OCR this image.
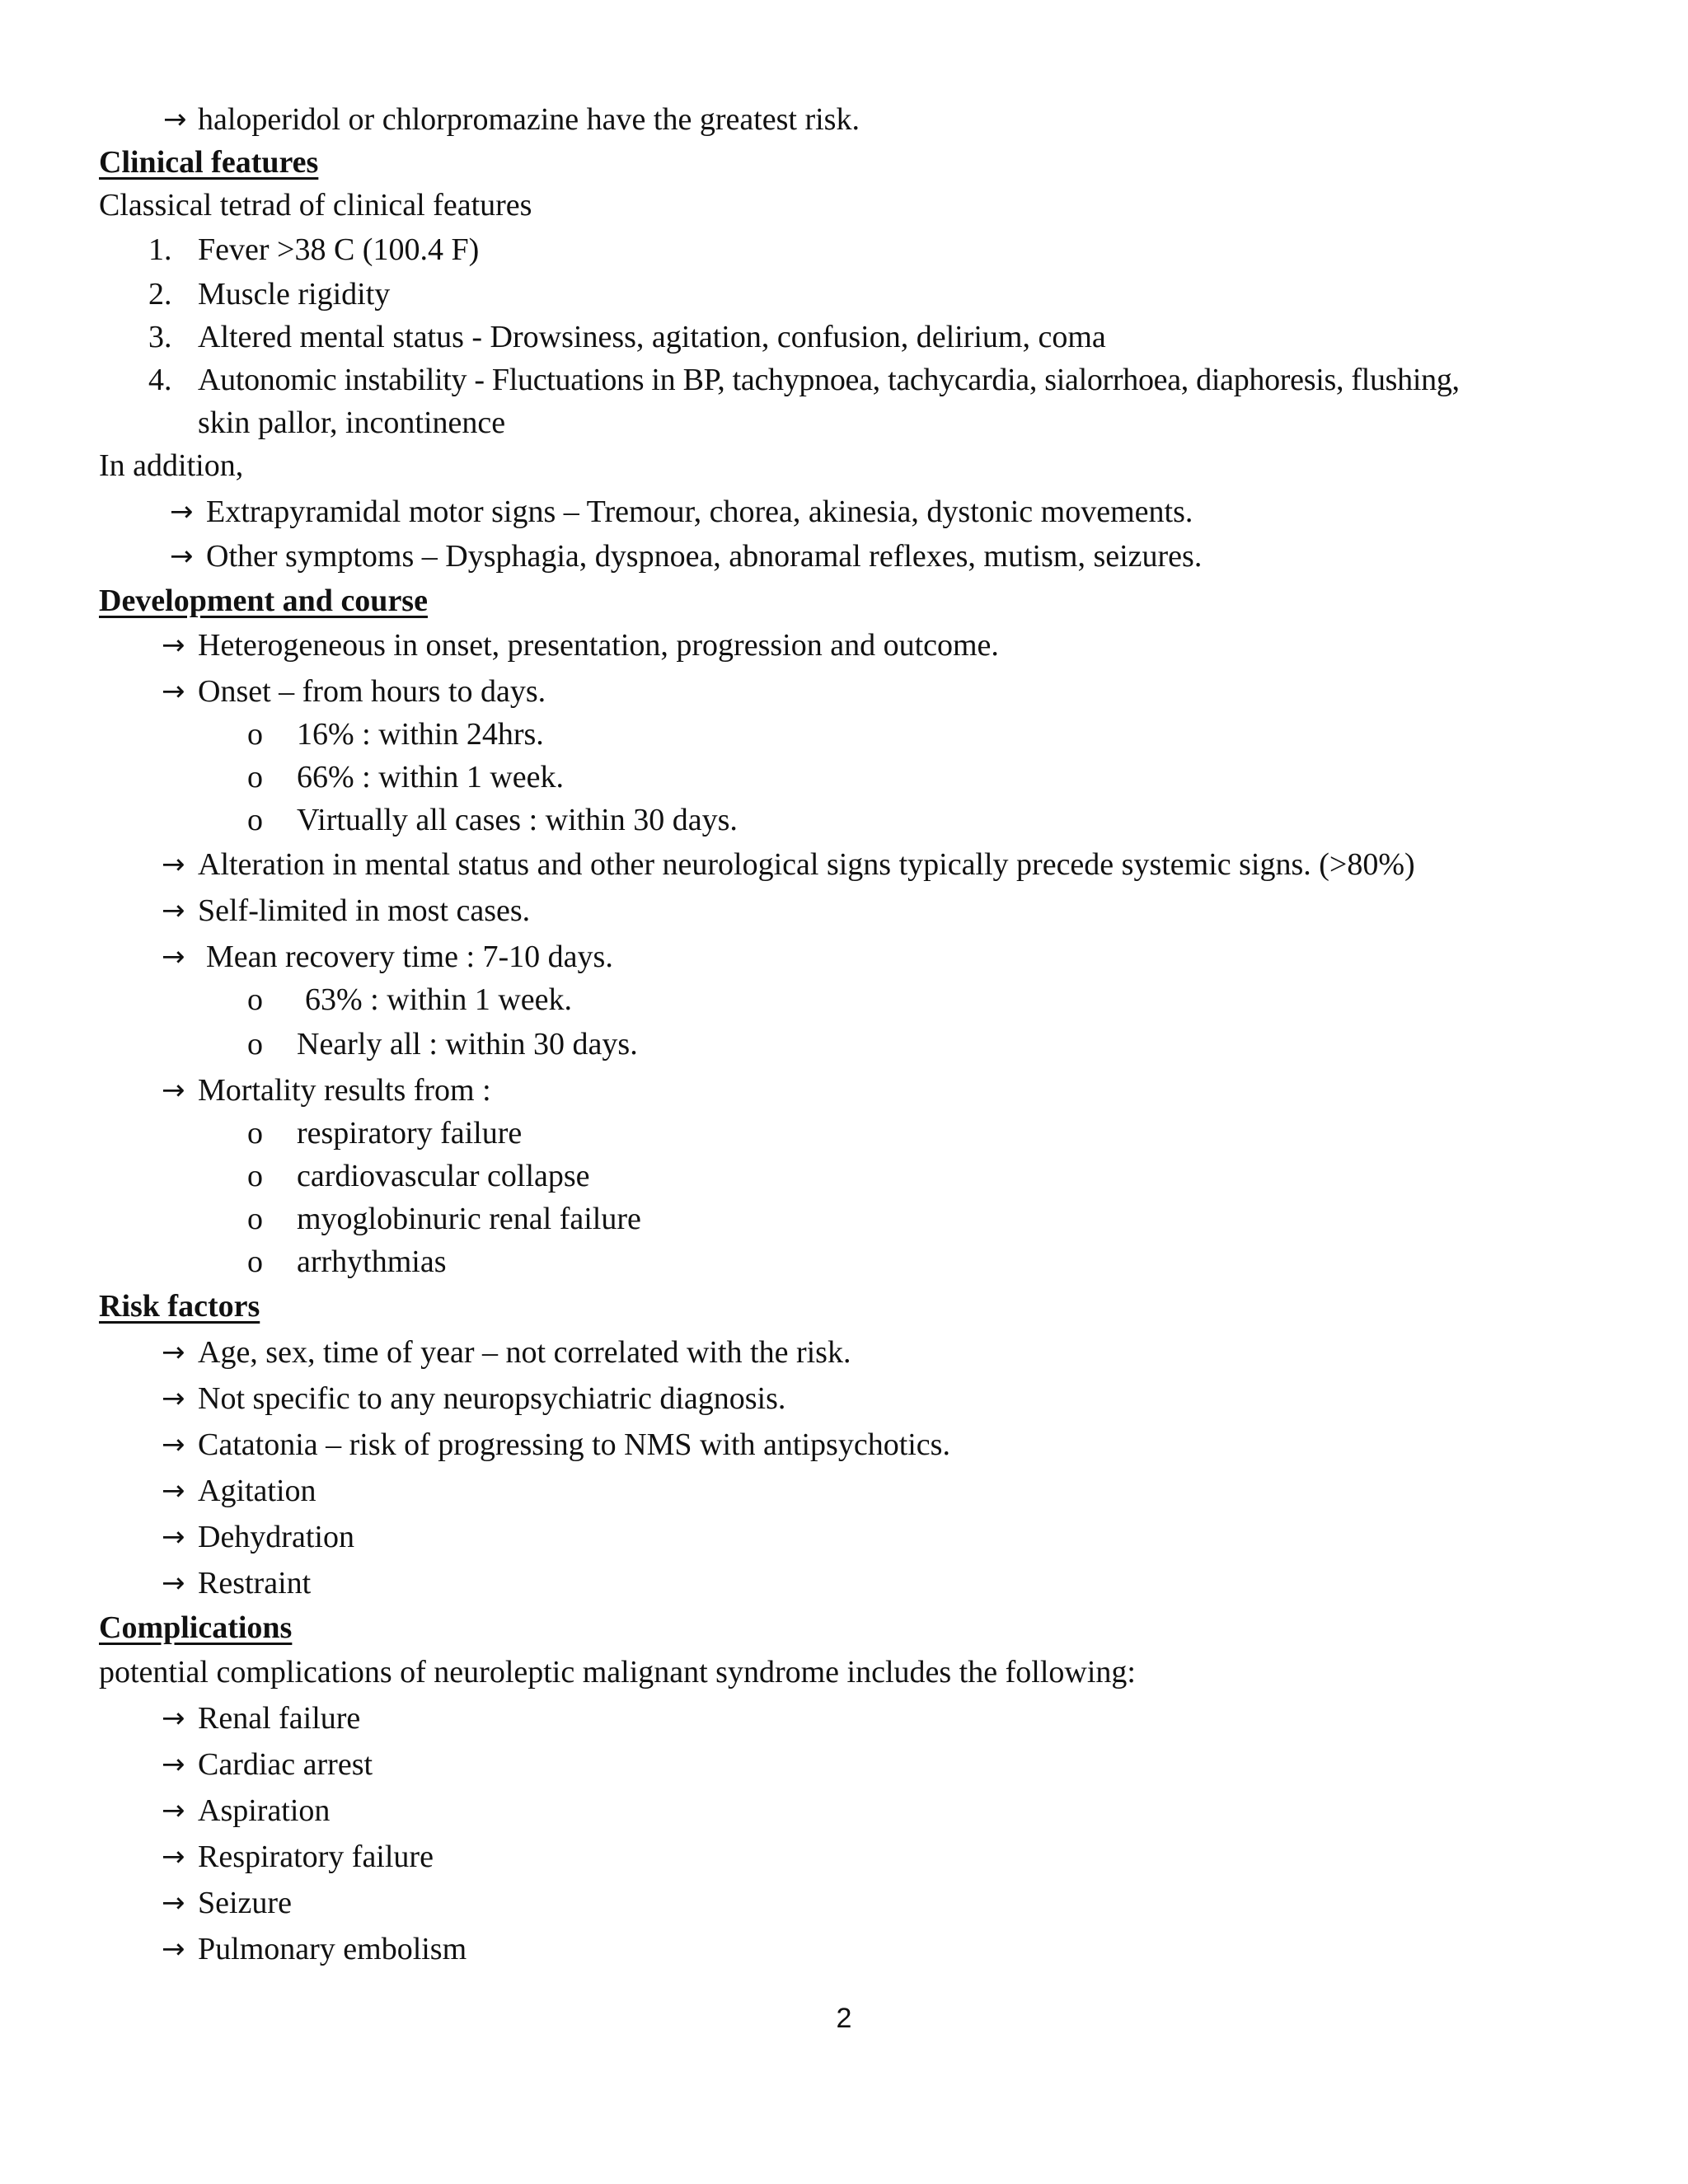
→ haloperidol or chlorpromazine have the greatest risk.
Clinical features
Classical tetrad of clinical features
1. Fever >38 C (100.4 F)
2. Muscle rigidity
3. Altered mental status - Drowsiness, agitation, confusion, delirium, coma
4. Autonomic instability - Fluctuations in BP, tachypnoea, tachycardia, sialorrhoea, diaphoresis, flushing,
skin pallor, incontinence
In addition,
→ Extrapyramidal motor signs – Tremour, chorea, akinesia, dystonic movements.
→ Other symptoms – Dysphagia, dyspnoea, abnoramal reflexes, mutism, seizures.
Development and course
→ Heterogeneous in onset, presentation, progression and outcome.
→ Onset – from hours to days.
o 16% : within 24hrs.
o 66% : within 1 week.
o Virtually all cases : within 30 days.
→ Alteration in mental status and other neurological signs typically precede systemic signs. (>80%)
→ Self-limited in most cases.
→ Mean recovery time : 7-10 days.
o 63% : within 1 week.
o Nearly all : within 30 days.
→ Mortality results from :
o respiratory failure
o cardiovascular collapse
o myoglobinuric renal failure
o arrhythmias
Risk factors
→ Age, sex, time of year – not correlated with the risk.
→ Not specific to any neuropsychiatric diagnosis.
→ Catatonia – risk of progressing to NMS with antipsychotics.
→ Agitation
→ Dehydration
→ Restraint
Complications
potential complications of neuroleptic malignant syndrome includes the following:
→ Renal failure
→ Cardiac arrest
→ Aspiration
→ Respiratory failure
→ Seizure
→ Pulmonary embolism
2
